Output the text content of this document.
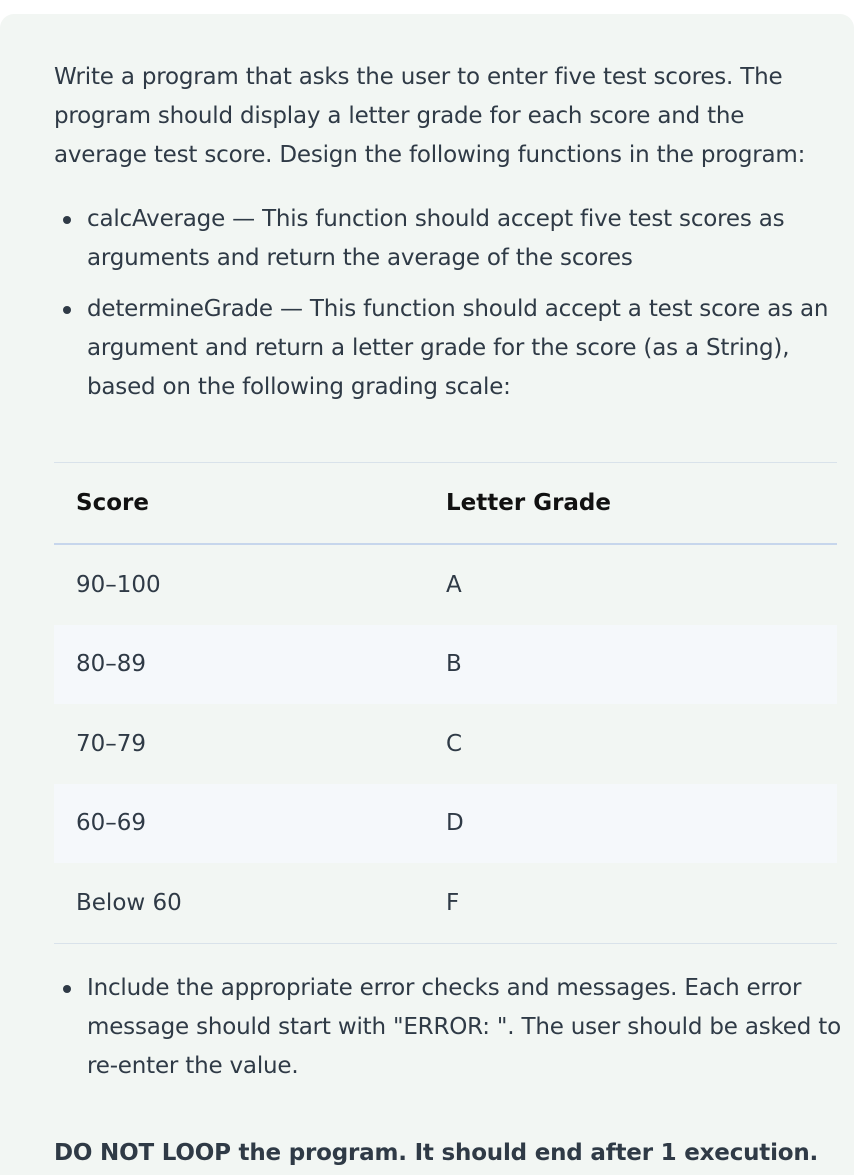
Write a program that asks the user to enter five test scores. The program should display a letter grade for each score and the average test score. Design the following functions in the program:

calcAverage — This function should accept five test scores as arguments and return the average of the scores
determineGrade — This function should accept a test score as an argument and return a letter grade for the score (as a String), based on the following grading scale:
Score	Letter Grade
90–100	A
80–89	B
70–79	C
60–69	D
Below 60	F
Include the appropriate error checks and messages. Each error message should start with "ERROR: ". The user should be asked to re-enter the value.

DO NOT LOOP the program. It should end after 1 execution.
